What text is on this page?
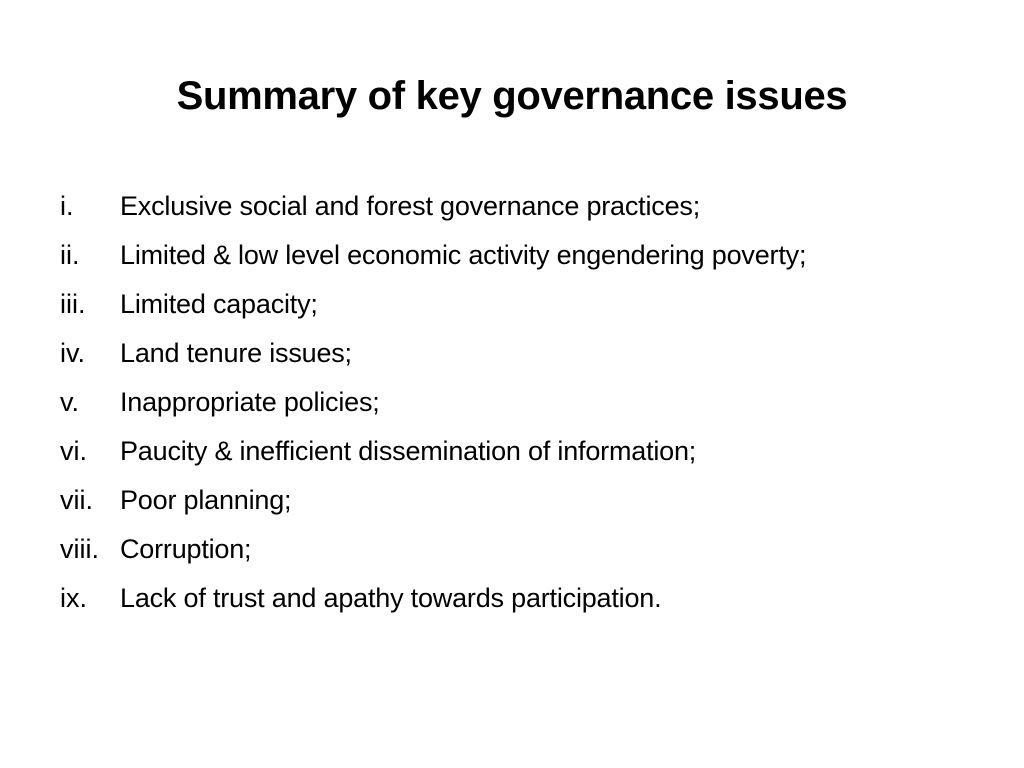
Summary of key governance issues
i.	Exclusive social and forest governance practices;
ii.	Limited & low level economic activity engendering poverty;
iii.	Limited capacity;
iv.	Land tenure issues;
v.	Inappropriate policies;
vi.	Paucity & inefficient dissemination of information;
vii.	Poor planning;
viii. Corruption;
ix.	Lack of trust and apathy towards participation.
